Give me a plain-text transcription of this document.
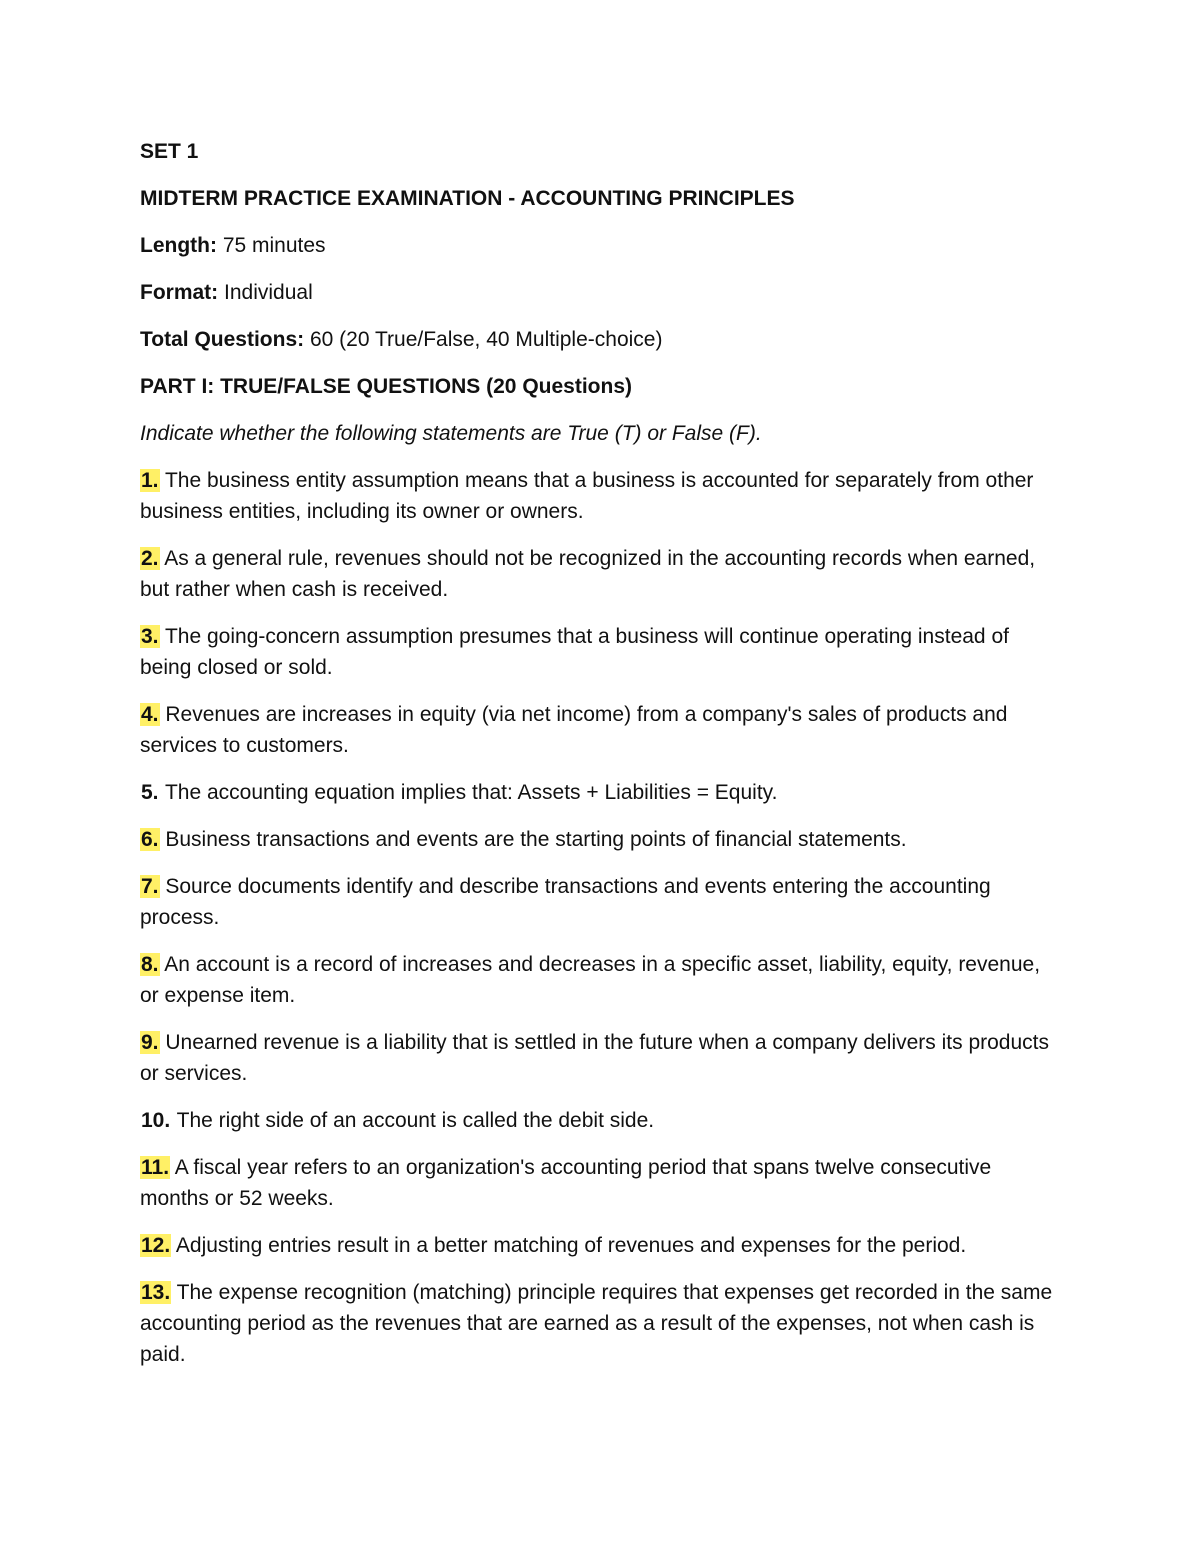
SET 1
MIDTERM PRACTICE EXAMINATION - ACCOUNTING PRINCIPLES
Length: 75 minutes
Format: Individual
Total Questions: 60 (20 True/False, 40 Multiple-choice)
PART I: TRUE/FALSE QUESTIONS (20 Questions)
Indicate whether the following statements are True (T) or False (F).
1. The business entity assumption means that a business is accounted for separately from other business entities, including its owner or owners.
2. As a general rule, revenues should not be recognized in the accounting records when earned, but rather when cash is received.
3. The going-concern assumption presumes that a business will continue operating instead of being closed or sold.
4. Revenues are increases in equity (via net income) from a company's sales of products and services to customers.
5. The accounting equation implies that: Assets + Liabilities = Equity.
6. Business transactions and events are the starting points of financial statements.
7. Source documents identify and describe transactions and events entering the accounting process.
8. An account is a record of increases and decreases in a specific asset, liability, equity, revenue, or expense item.
9. Unearned revenue is a liability that is settled in the future when a company delivers its products or services.
10. The right side of an account is called the debit side.
11. A fiscal year refers to an organization's accounting period that spans twelve consecutive months or 52 weeks.
12. Adjusting entries result in a better matching of revenues and expenses for the period.
13. The expense recognition (matching) principle requires that expenses get recorded in the same accounting period as the revenues that are earned as a result of the expenses, not when cash is paid.
